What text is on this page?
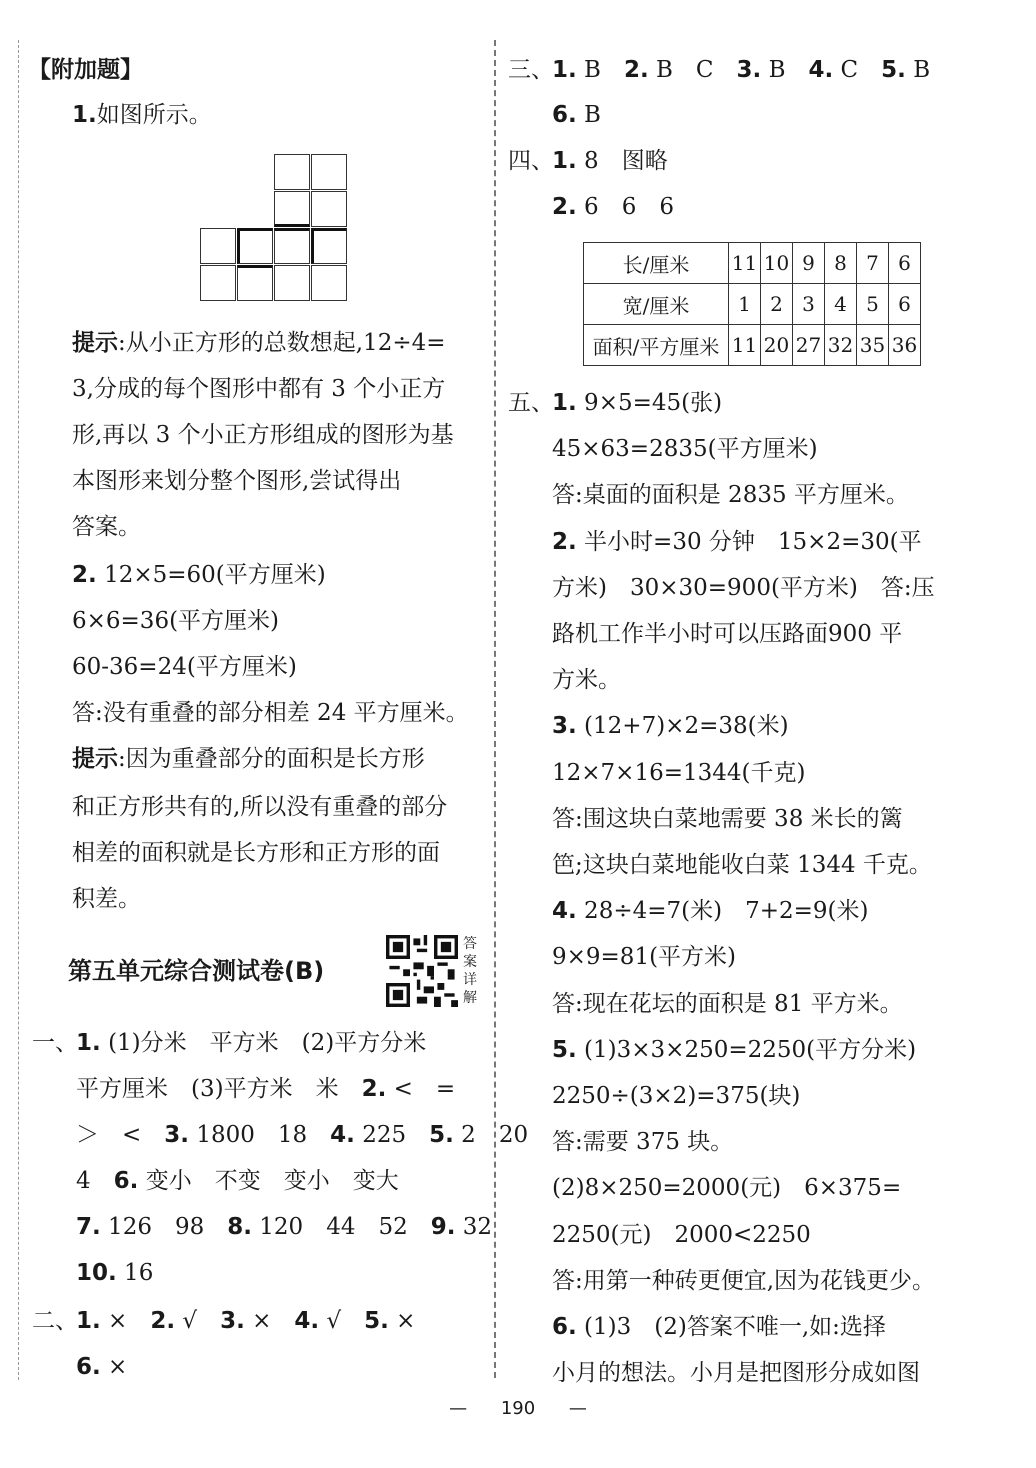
【附加题】
1.如图所示。
提示:从小正方形的总数想起,12÷4=
3,分成的每个图形中都有 3 个小正方
形,再以 3 个小正方形组成的图形为基
本图形来划分整个图形,尝试得出
答案。
2. 12×5=60(平方厘米)
6×6=36(平方厘米)
60-36=24(平方厘米)
答:没有重叠的部分相差 24 平方厘米。
提示:因为重叠部分的面积是长方形
和正方形共有的,所以没有重叠的部分
相差的面积就是长方形和正方形的面
积差。
第五单元综合测试卷(B)
答案详解
一、
1. (1)分米　平方米　(2)平方分米
平方厘米　(3)平方米　米　2. <　=
＞　<　3. 1800　18　4. 225　5. 2　20
4　6. 变小　不变　变小　变大
7. 126　98　8. 120　44　52　9. 32
10. 16
二、
1. ×　2. √　3. ×　4. √　5. ×
6. ×
三、
1. B　2. B　C　3. B　4. C　5. B
6. B
四、
1. 8　图略
2. 6　6　6
长/厘米	11	10	9	8	7	6
宽/厘米	1	2	3	4	5	6
面积/平方厘米	11	20	27	32	35	36
五、
1. 9×5=45(张)
45×63=2835(平方厘米)
答:桌面的面积是 2835 平方厘米。
2. 半小时=30 分钟　15×2=30(平
方米)　30×30=900(平方米)　答:压
路机工作半小时可以压路面900 平
方米。
3. (12+7)×2=38(米)
12×7×16=1344(千克)
答:围这块白菜地需要 38 米长的篱
笆;这块白菜地能收白菜 1344 千克。
4. 28÷4=7(米)　7+2=9(米)
9×9=81(平方米)
答:现在花坛的面积是 81 平方米。
5. (1)3×3×250=2250(平方分米)
2250÷(3×2)=375(块)
答:需要 375 块。
(2)8×250=2000(元)　6×375=
2250(元)　2000<2250
答:用第一种砖更便宜,因为花钱更少。
6. (1)3　(2)答案不唯一,如:选择
小月的想法。小月是把图形分成如图
— 190 —
